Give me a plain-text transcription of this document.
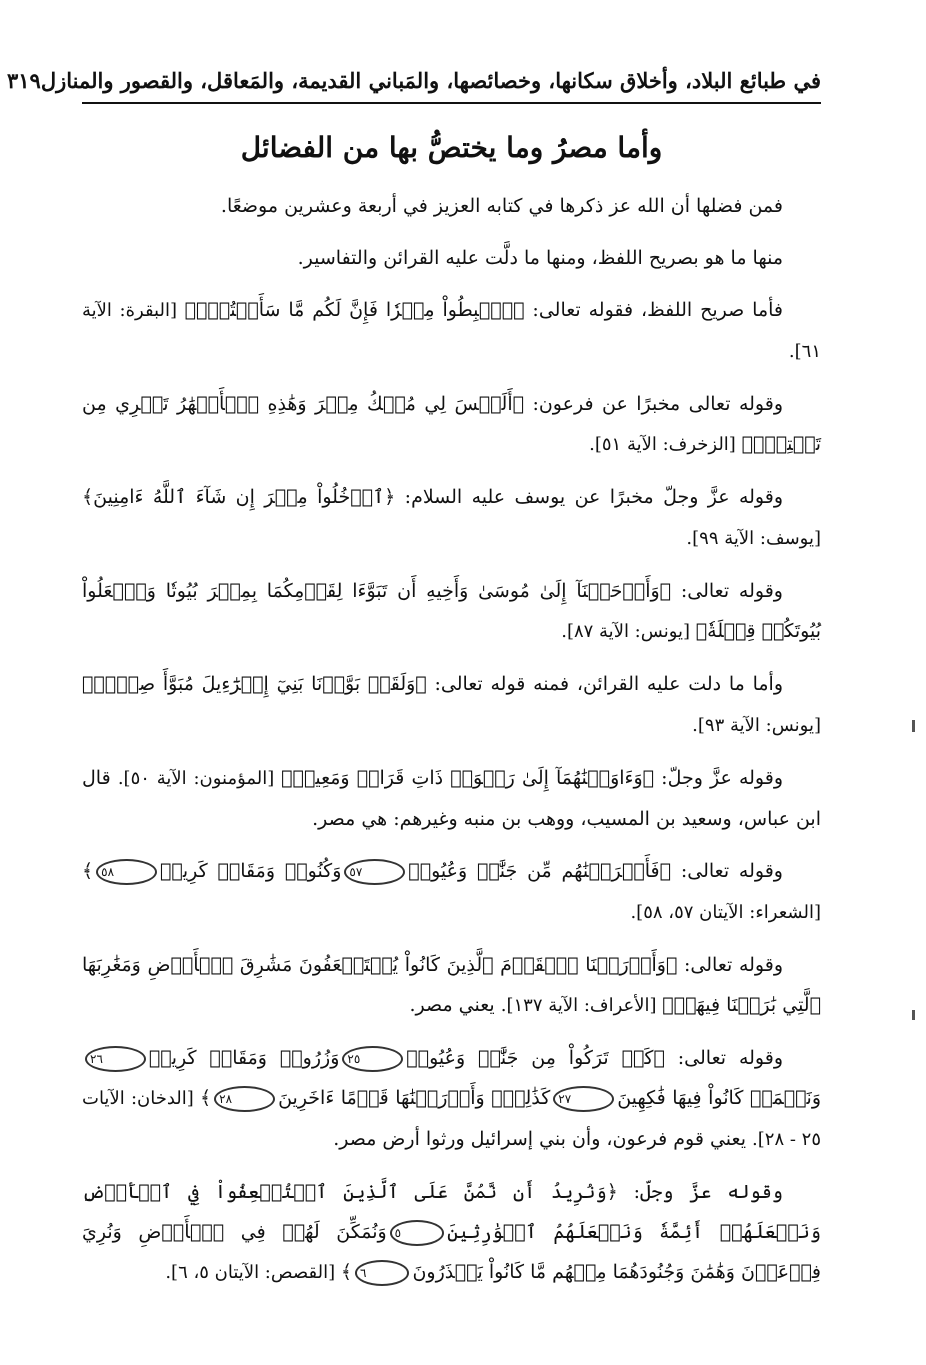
في طبائع البلاد، وأخلاق سكانها، وخصائصها، والمَباني القديمة، والمَعاقل، والقصور والمنازل
٣١٩
وأما مصرُ وما يختصُّ بها من الفضائل

فمن فضلها أن الله عز ذكرها في كتابه العزيز في أربعة وعشرين موضعًا.

منها ما هو بصريح اللفظ، ومنها ما دلَّت عليه القرائن والتفاسير.

فأما صريح اللفظ، فقوله تعالى: ﴿ٱهۡبِطُواْ مِصۡرٗا فَإِنَّ لَكُم مَّا سَأَلۡتُمۡۗ﴾ [البقرة: الآية ٦١].

وقوله تعالى مخبرًا عن فرعون: ﴿أَلَيۡسَ لِي مُلۡكُ مِصۡرَ وَهَٰذِهِ ٱلۡأَنۡهَٰرُ تَجۡرِي مِن تَحۡتِيٓۚ﴾ [الزخرف: الآية ٥١].

وقوله عزَّ وجلّ مخبرًا عن يوسف عليه السلام: ﴿ٱدۡخُلُواْ مِصۡرَ إِن شَآءَ ٱللَّهُ ءَامِنِينَ﴾ [يوسف: الآية ٩٩].

وقوله تعالى: ﴿وَأَوۡحَيۡنَآ إِلَىٰ مُوسَىٰ وَأَخِيهِ أَن تَبَوَّءَا لِقَوۡمِكُمَا بِمِصۡرَ بُيُوتٗا وَٱجۡعَلُواْ بُيُوتَكُمۡ قِبۡلَةٗ﴾ [يونس: الآية ٨٧].

وأما ما دلت عليه القرائن، فمنه قوله تعالى: ﴿وَلَقَدۡ بَوَّأۡنَا بَنِيٓ إِسۡرَٰٓءِيلَ مُبَوَّأَ صِدۡقٖ﴾ [يونس: الآية ٩٣].

وقوله عزَّ وجلّ: ﴿وَءَاوَيۡنَٰهُمَآ إِلَىٰ رَبۡوَةٖ ذَاتِ قَرَارٖ وَمَعِينٖ﴾ [المؤمنون: الآية ٥٠]. قال ابن عباس، وسعيد بن المسيب، ووهب بن منبه وغيرهم: هي مصر.

وقوله تعالى: ﴿فَأَخۡرَجۡنَٰهُم مِّن جَنَّٰتٖ وَعُيُونٖ٥٧وَكُنُوزٖ وَمَقَامٖ كَرِيمٖ٥٨﴾ [الشعراء: الآيتان ٥٧، ٥٨].

وقوله تعالى: ﴿وَأَوۡرَثۡنَا ٱلۡقَوۡمَ ٱلَّذِينَ كَانُواْ يُسۡتَضۡعَفُونَ مَشَٰرِقَ ٱلۡأَرۡضِ وَمَغَٰرِبَهَا ٱلَّتِي بَٰرَكۡنَا فِيهَاۖ﴾ [الأعراف: الآية ١٣٧]. يعني مصر.

وقوله تعالى: ﴿كَمۡ تَرَكُواْ مِن جَنَّٰتٖ وَعُيُونٖ٢٥وَزُرُوعٖ وَمَقَامٖ كَرِيمٖ٢٦وَنَعۡمَةٖ كَانُواْ فِيهَا فَٰكِهِينَ٢٧كَذَٰلِكَۖ وَأَوۡرَثۡنَٰهَا قَوۡمًا ءَاخَرِينَ٢٨﴾ [الدخان: الآيات ٢٥ - ٢٨]. يعني قوم فرعون، وأن بني إسرائيل ورثوا أرض مصر.

وقوله عزَّ وجلّ: ﴿وَنُرِيدُ أَن نَّمُنَّ عَلَى ٱلَّذِينَ ٱسۡتُضۡعِفُواْ فِي ٱلۡأَرۡضِ وَنَجۡعَلَهُمۡ أَئِمَّةٗ وَنَجۡعَلَهُمُ ٱلۡوَٰرِثِينَ٥وَنُمَكِّنَ لَهُمۡ فِي ٱلۡأَرۡضِ وَنُرِيَ فِرۡعَوۡنَ وَهَٰمَٰنَ وَجُنُودَهُمَا مِنۡهُم مَّا كَانُواْ يَحۡذَرُونَ٦﴾ [القصص: الآيتان ٥، ٦].
